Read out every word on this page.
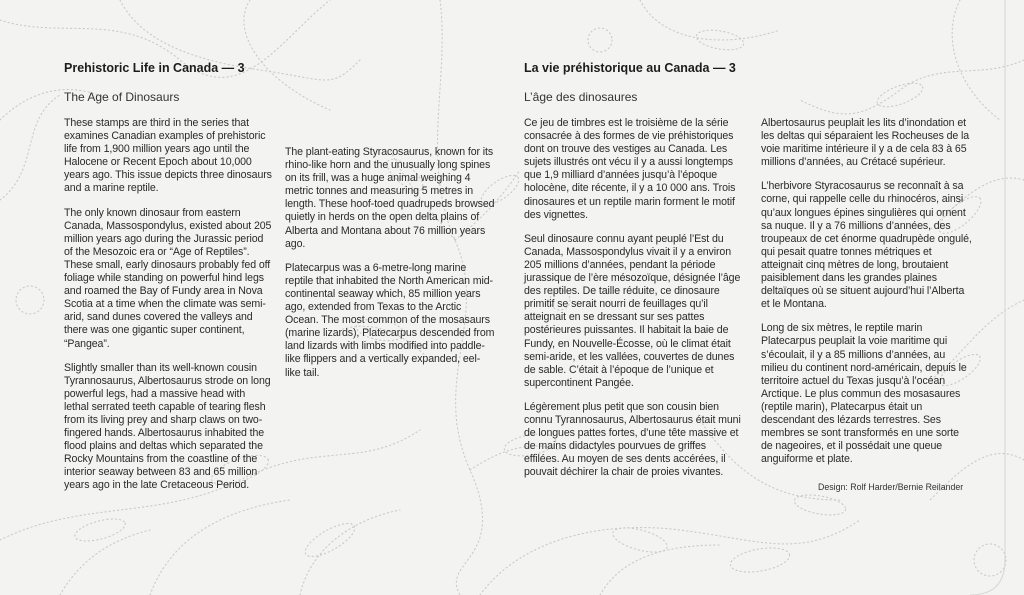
Prehistoric Life in Canada — 3
The Age of Dinosaurs

These stamps are third in the series that examines Canadian examples of prehistoric life from 1,900 million years ago until the Halocene or Recent Epoch about 10,000 years ago. This issue depicts three dinosaurs and a marine reptile.

The only known dinosaur from eastern Canada, Massospondylus, existed about 205 million years ago during the Jurassic period of the Mesozoic era or “Age of Reptiles”. These small, early dinosaurs probably fed off foliage while standing on powerful hind legs and roamed the Bay of Fundy area in Nova Scotia at a time when the climate was semi-arid, sand dunes covered the valleys and there was one gigantic super continent, “Pangea”.

Slightly smaller than its well-known cousin Tyrannosaurus, Albertosaurus strode on long powerful legs, had a massive head with lethal serrated teeth capable of tearing flesh from its living prey and sharp claws on two-fingered hands. Albertosaurus inhabited the flood plains and deltas which separated the Rocky Mountains from the coastline of the interior seaway between 83 and 65 million years ago in the late Cretaceous Period.

The plant-eating Styracosaurus, known for its rhino-like horn and the unusually long spines on its frill, was a huge animal weighing 4 metric tonnes and measuring 5 metres in length. These hoof-toed quadrupeds browsed quietly in herds on the open delta plains of Alberta and Montana about 76 million years ago.

Platecarpus was a 6-metre-long marine reptile that inhabited the North American mid-continental seaway which, 85 million years ago, extended from Texas to the Arctic Ocean. The most common of the mosasaurs (marine lizards), Platecarpus descended from land lizards with limbs modified into paddle-like flippers and a vertically expanded, eel-like tail.

La vie préhistorique au Canada — 3
L’âge des dinosaures

Ce jeu de timbres est le troisième de la série consacrée à des formes de vie préhistoriques dont on trouve des vestiges au Canada. Les sujets illustrés ont vécu il y a aussi longtemps que 1,9 milliard d’années jusqu’à l’époque holocène, dite récente, il y a 10 000 ans. Trois dinosaures et un reptile marin forment le motif des vignettes.

Seul dinosaure connu ayant peuplé l’Est du Canada, Massospondylus vivait il y a environ 205 millions d’années, pendant la période jurassique de l’ère mésozoïque, désignée l’âge des reptiles. De taille réduite, ce dinosaure primitif se serait nourri de feuillages qu’il atteignait en se dressant sur ses pattes postérieures puissantes. Il habitait la baie de Fundy, en Nouvelle-Écosse, où le climat était semi-aride, et les vallées, couvertes de dunes de sable. C’était à l’époque de l’unique et supercontinent Pangée.

Légèrement plus petit que son cousin bien connu Tyrannosaurus, Albertosaurus était muni de longues pattes fortes, d’une tête massive et de mains didactyles pourvues de griffes effilées. Au moyen de ses dents accérées, il pouvait déchirer la chair de proies vivantes.

Albertosaurus peuplait les lits d’inondation et les deltas qui séparaient les Rocheuses de la voie maritime intérieure il y a de cela 83 à 65 millions d’années, au Crétacé supérieur.

L’herbivore Styracosaurus se reconnaît à sa corne, qui rappelle celle du rhinocéros, ainsi qu’aux longues épines singulières qui ornent sa nuque. Il y a 76 millions d’années, des troupeaux de cet énorme quadrupède ongulé, qui pesait quatre tonnes métriques et atteignait cinq mètres de long, broutaient paisiblement dans les grandes plaines deltaïques où se situent aujourd’hui l’Alberta et le Montana.

Long de six mètres, le reptile marin Platecarpus peuplait la voie maritime qui s’écoulait, il y a 85 millions d’années, au milieu du continent nord-américain, depuis le territoire actuel du Texas jusqu’à l’océan Arctique. Le plus commun des mosasaures (reptile marin), Platecarpus était un descendant des lézards terrestres. Ses membres se sont transformés en une sorte de nageoires, et il possédait une queue anguiforme et plate.

Design: Rolf Harder/Bernie Reilander
